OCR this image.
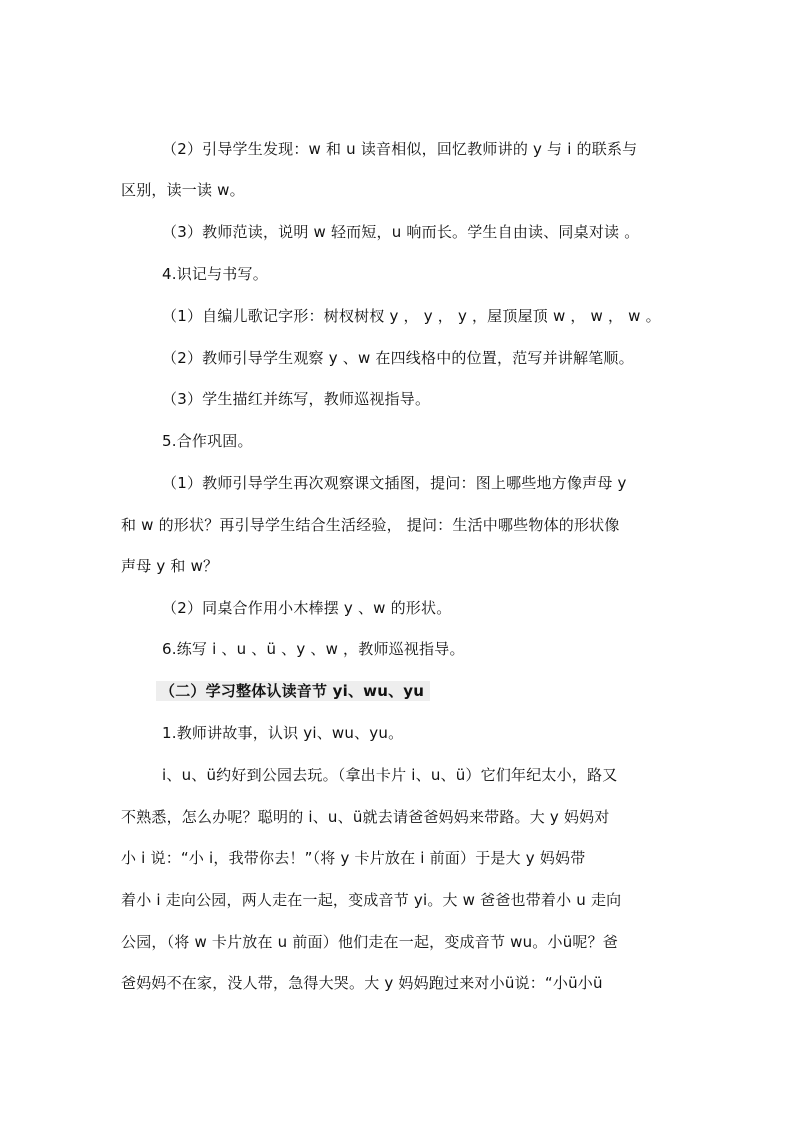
（2）引导学生发现：w 和 u 读音相似，回忆教师讲的 y 与 i 的联系与
区别，读一读 w。
（3）教师范读，说明 w 轻而短，u 响而长。学生自由读、同桌对读 。
4.识记与书写。
（1）自编儿歌记字形：树杈树杈 y ， y ， y ，屋顶屋顶 w ， w ， w 。
（2）教师引导学生观察 y 、w 在四线格中的位置，范写并讲解笔顺。
（3）学生描红并练写，教师巡视指导。
5.合作巩固。
（1）教师引导学生再次观察课文插图，提问：图上哪些地方像声母 y
和 w 的形状？再引导学生结合生活经验， 提问：生活中哪些物体的形状像
声母 y 和 w？
（2）同桌合作用小木棒摆 y 、w 的形状。
6.练写 i 、u 、ü 、y 、w ，教师巡视指导。
（二）学习整体认读音节 yi、wu、yu
1.教师讲故事，认识 yi、wu、yu。
i、u、ü约好到公园去玩。（拿出卡片 i、u、ü）它们年纪太小，路又
不熟悉，怎么办呢？聪明的 i、u、ü就去请爸爸妈妈来带路。大 y 妈妈对
小 i 说：“小 i，我带你去！”（将 y 卡片放在 i 前面）于是大 y 妈妈带
着小 i 走向公园，两人走在一起，变成音节 yi。大 w 爸爸也带着小 u 走向
公园，（将 w 卡片放在 u 前面）他们走在一起，变成音节 wu。小ü呢？爸
爸妈妈不在家，没人带，急得大哭。大 y 妈妈跑过来对小ü说：“小ü小ü
